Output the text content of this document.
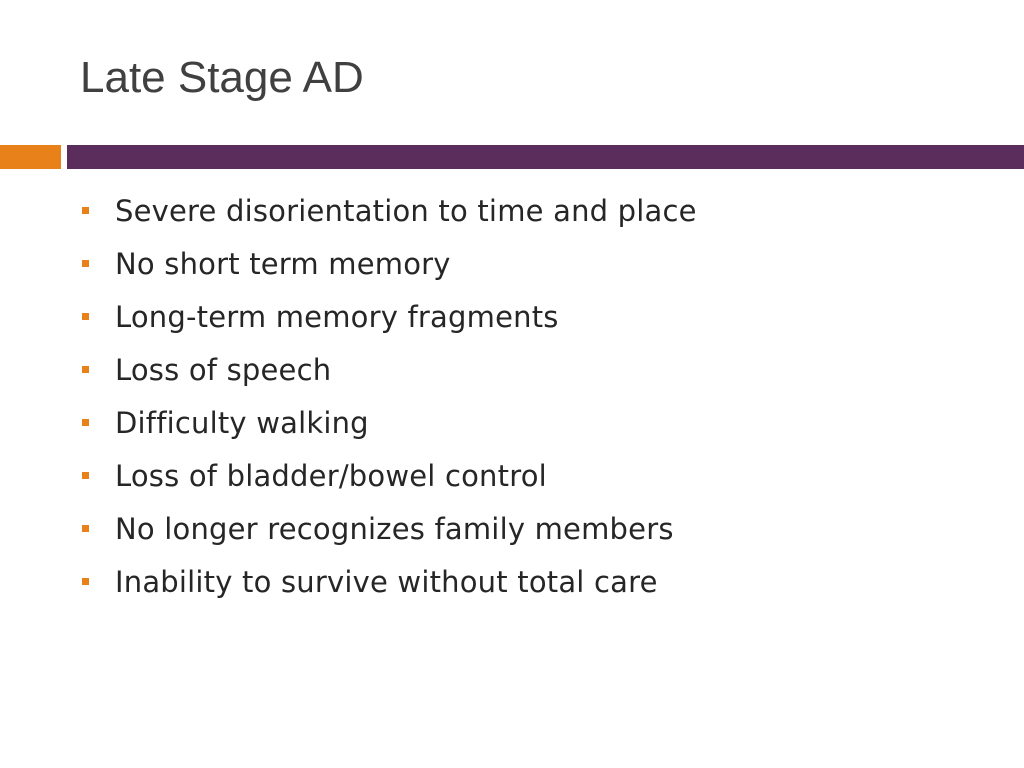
Late Stage AD
Severe disorientation to time and place
No short term memory
Long-term memory fragments
Loss of speech
Difficulty walking
Loss of bladder/bowel control
No longer recognizes family members
Inability to survive without total care
